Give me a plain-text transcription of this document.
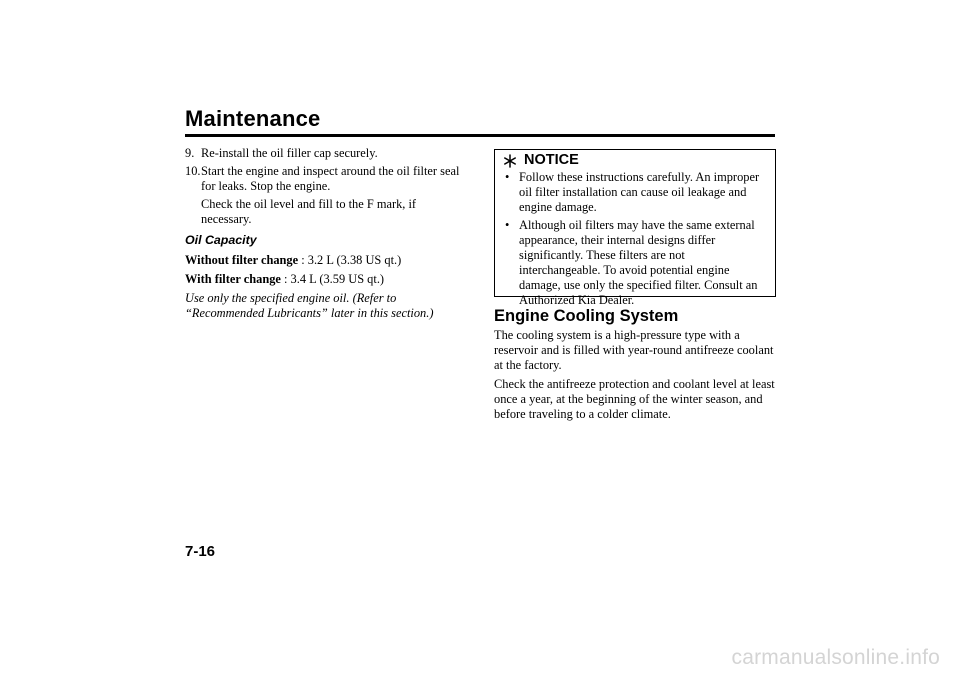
Maintenance
9. Re-install the oil filler cap securely.
10. Start the engine and inspect around the oil filter seal for leaks. Stop the engine.
Check the oil level and fill to the F mark, if necessary.
Oil Capacity
Without filter change : 3.2 L (3.38 US qt.)
With filter change : 3.4 L (3.59 US qt.)
Use only the specified engine oil. (Refer to “Recommended Lubricants” later in this section.)
NOTICE
• Follow these instructions carefully. An improper oil filter installation can cause oil leakage and engine damage.
• Although oil filters may have the same external appearance, their internal designs differ significantly. These filters are not interchangeable. To avoid potential engine damage, use only the specified filter. Consult an Authorized Kia Dealer.
Engine Cooling System
The cooling system is a high-pressure type with a reservoir and is filled with year-round antifreeze coolant at the factory.
Check the antifreeze protection and coolant level at least once a year, at the beginning of the winter season, and before traveling to a colder climate.
7-16
carmanualsonline.info
